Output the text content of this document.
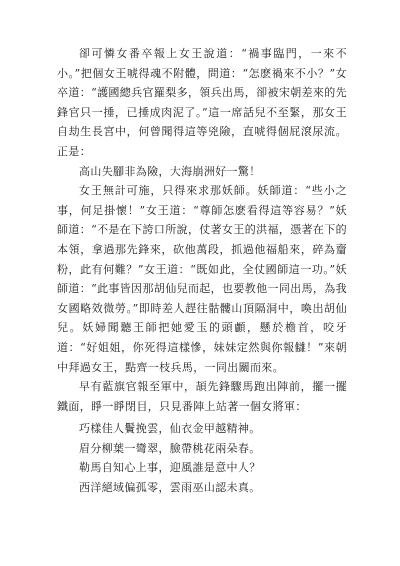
卻可憐女番卒報上女王說道：“禍事臨門，一來不小。”把個女王唬得魂不附體，問道：“怎麽禍來不小？”女卒道：“護國總兵官羅梨多，領兵出馬，卻被宋朝差來的先鋒官只一捶，已捶成肉泥了。”這一席話兒不至緊，那女王自劫生長宮中，何曾聞得這等兇險，直唬得個屁滾尿流。正是：

高山失腳非為險，大海崩洲好一驚！

女王無計可施，只得來求那妖師。妖師道：“些小之事，何足掛懷！”女王道：“尊師怎麽看得這等容易？”妖師道：“不是在下誇口所說，仗著女王的洪福，憑著在下的本領，拿過那先鋒來，砍他萬段，抓過他福船來，碎為齏粉，此有何難？”女王道：“既如此，全仗國師這一功。”妖師道：“此事皆因那胡仙兒而起，也要教他一同出馬，為我女國略效微勞。”即時差人趕往骷髏山頂隔洞中，喚出胡仙兒。妖婦聞聽王師把她愛玉的頭顱，懸於檐首，咬牙道：“好姐姐，你死得這樣慘，妹妹定然與你報讎！”來朝中拜過女王，點齊一枝兵馬，一同出關而來。

早有藍旗官報至軍中，頡先鋒驟馬跑出陣前，擺一擺鐵面，睜一睜閉目，只見番陣上站著一個女將軍：

巧樣佳人鬢挽雲，仙衣金甲越精神。

眉分柳葉一彎翠，臉帶桃花兩朵春。

勒馬自知心上事，迎風誰是意中人？

西洋絕域偏孤零，雲雨巫山認未真。
